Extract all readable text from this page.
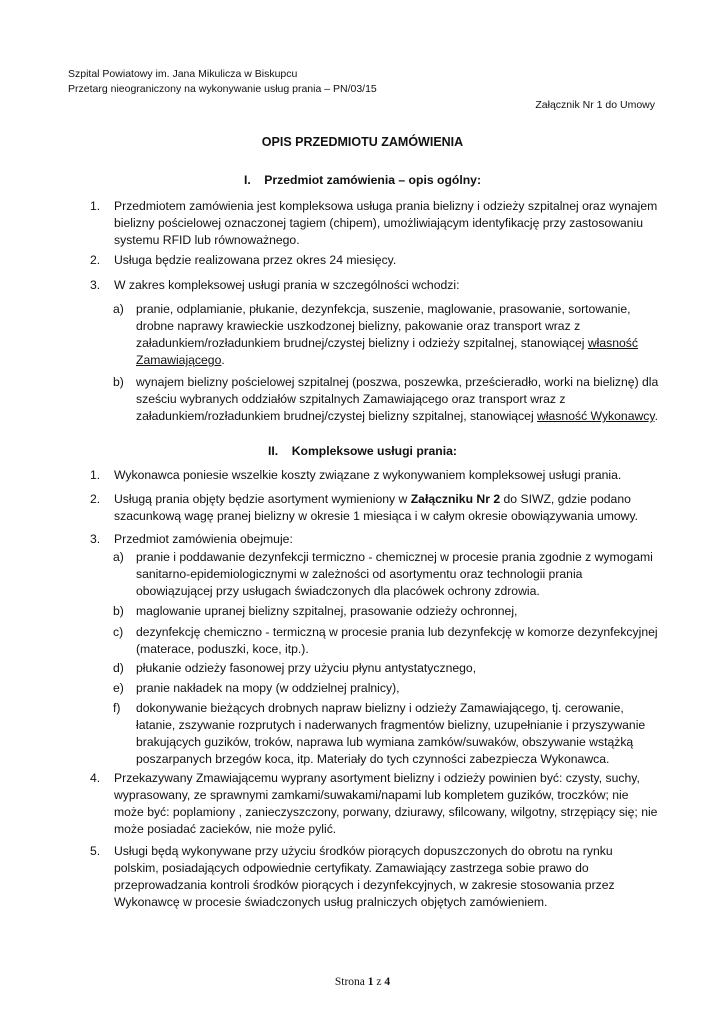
Szpital Powiatowy im. Jana Mikulicza w Biskupcu
Przetarg nieograniczony na wykonywanie usług prania – PN/03/15
Załącznik Nr 1 do Umowy
OPIS PRZEDMIOTU ZAMÓWIENIA
I.    Przedmiot zamówienia – opis ogólny:
1. Przedmiotem zamówienia jest kompleksowa usługa prania bielizny i odzieży szpitalnej oraz wynajem bielizny pościelowej oznaczonej tagiem (chipem), umożliwiającym identyfikację przy zastosowaniu systemu RFID lub równoważnego.
2. Usługa będzie realizowana przez okres 24 miesięcy.
3. W zakres kompleksowej usługi prania w szczególności wchodzi:
a) pranie, odplamianie, płukanie, dezynfekcja, suszenie, maglowanie, prasowanie, sortowanie, drobne naprawy krawieckie uszkodzonej bielizny, pakowanie oraz transport wraz z załadunkiem/rozładunkiem brudnej/czystej bielizny i odzieży szpitalnej, stanowiącej własność Zamawiającego.
b) wynajem bielizny pościelowej szpitalnej (poszwa, poszewka, prześcieradło, worki na bieliznę) dla sześciu wybranych oddziałów szpitalnych Zamawiającego oraz transport wraz z załadunkiem/rozładunkiem brudnej/czystej bielizny szpitalnej, stanowiącej własność Wykonawcy.
II.    Kompleksowe usługi prania:
1. Wykonawca poniesie wszelkie koszty związane z wykonywaniem kompleksowej usługi prania.
2. Usługą prania objęty będzie asortyment wymieniony w Załączniku Nr 2 do SIWZ, gdzie podano szacunkową wagę pranej bielizny w okresie 1 miesiąca i w całym okresie obowiązywania umowy.
3. Przedmiot zamówienia obejmuje:
a) pranie i poddawanie dezynfekcji termiczno - chemicznej w procesie prania zgodnie z wymogami sanitarno-epidemiologicznymi w zależności od asortymentu oraz technologii prania obowiązującej przy usługach świadczonych dla placówek ochrony zdrowia.
b) maglowanie upranej bielizny szpitalnej, prasowanie odzieży ochronnej,
c) dezynfekcję chemiczno - termiczną w procesie prania lub dezynfekcję w komorze dezynfekcyjnej (materace, poduszki, koce, itp.).
d) płukanie odzieży fasonowej przy użyciu płynu antystatycznego,
e) pranie nakładek na mopy (w oddzielnej pralnicy),
f) dokonywanie bieżących drobnych napraw bielizny i odzieży Zamawiającego, tj. cerowanie, łatanie, zszywanie rozprutych i naderwanych fragmentów bielizny, uzupełnianie i przyszywanie brakujących guzików, troków, naprawa lub wymiana zamków/suwaków, obszywanie wstążką poszarpanych brzegów koca, itp. Materiały do tych czynności zabezpiecza Wykonawca.
4. Przekazywany Zmawiającemu wyprany asortyment bielizny i odzieży powinien być: czysty, suchy, wyprasowany, ze sprawnymi zamkami/suwakami/napami lub kompletem guzików, troczków; nie może być: poplamiony , zanieczyszczony, porwany, dziurawy, sfilcowany, wilgotny, strzępiący się; nie może posiadać zacieków, nie może pylić.
5. Usługi będą wykonywane przy użyciu środków piorących dopuszczonych do obrotu na rynku polskim, posiadających odpowiednie certyfikaty. Zamawiający zastrzega sobie prawo do przeprowadzania kontroli środków piorących i dezynfekcyjnych, w zakresie stosowania przez Wykonawcę w procesie świadczonych usług pralniczych objętych zamówieniem.
Strona 1 z 4
